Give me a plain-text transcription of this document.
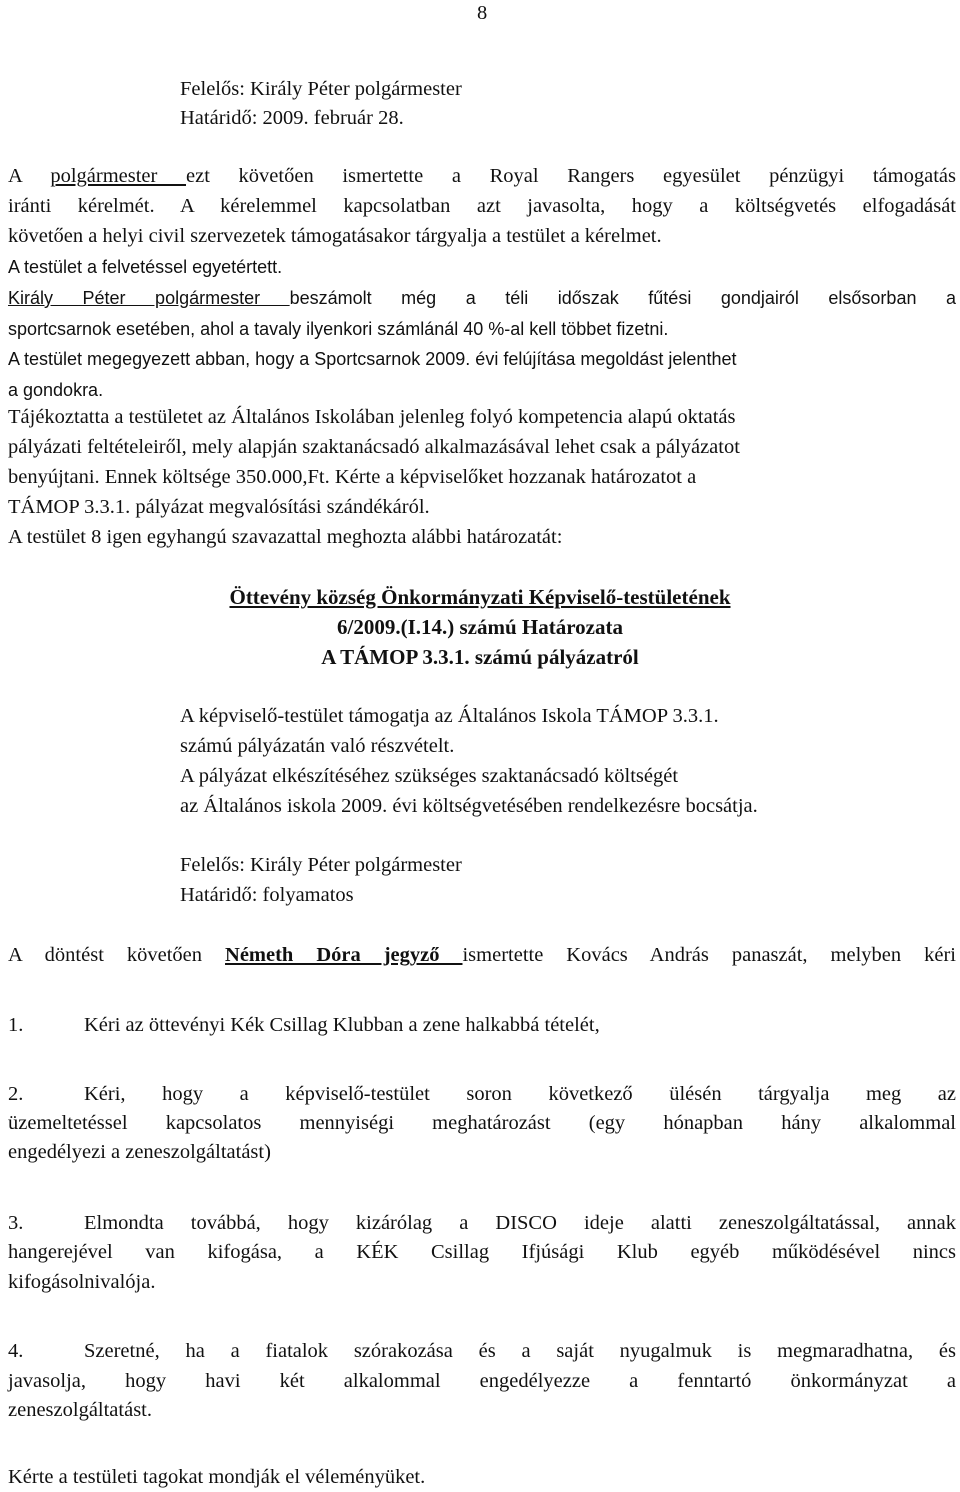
8
Felelős: Király Péter polgármester
Határidő: 2009. február 28.
A polgármester ezt követően ismertette a Royal Rangers egyesület pénzügyi támogatás
iránti kérelmét. A kérelemmel kapcsolatban azt javasolta, hogy a költségvetés elfogadását
követően a helyi civil szervezetek támogatásakor tárgyalja a testület a kérelmet.
A testület a felvetéssel egyetértett.
Király Péter polgármester beszámolt még a téli időszak fűtési gondjairól elsősorban a
sportcsarnok esetében, ahol a tavaly ilyenkori számlánál 40 %-al kell többet fizetni.
A testület megegyezett abban, hogy a Sportcsarnok 2009. évi felújítása megoldást jelenthet
a gondokra.
Tájékoztatta a testületet az Általános Iskolában jelenleg folyó kompetencia alapú oktatás
pályázati feltételeiről, mely alapján szaktanácsadó alkalmazásával lehet csak a pályázatot
benyújtani. Ennek költsége 350.000,Ft. Kérte a képviselőket hozzanak határozatot a
TÁMOP 3.3.1. pályázat megvalósítási szándékáról.
A testület 8 igen egyhangú szavazattal meghozta alábbi határozatát:
Öttevény község Önkormányzati Képviselő-testületének
6/2009.(I.14.) számú Határozata
A TÁMOP 3.3.1. számú pályázatról
A képviselő-testület támogatja az Általános Iskola TÁMOP 3.3.1.
számú pályázatán való részvételt.
A pályázat elkészítéséhez szükséges szaktanácsadó költségét
az Általános iskola 2009. évi költségvetésében rendelkezésre bocsátja.
Felelős: Király Péter polgármester
Határidő: folyamatos
A döntést követően Németh Dóra jegyző ismertette Kovács András panaszát, melyben kéri
1.	Kéri az öttevényi Kék Csillag Klubban a zene halkabbá tételét,
2.	Kéri, hogy a képviselő-testület soron következő ülésén tárgyalja meg az
üzemeltetéssel kapcsolatos mennyiségi meghatározást (egy hónapban hány alkalommal
engedélyezi a zeneszolgáltatást)
3.	Elmondta továbbá, hogy kizárólag a DISCO ideje alatti zeneszolgáltatással, annak
hangerejével van kifogása, a KÉK Csillag Ifjúsági Klub egyéb működésével nincs
kifogásolnivalója.
4.	Szeretné, ha a fiatalok szórakozása és a saját nyugalmuk is megmaradhatna, és
javasolja, hogy havi két alkalommal engedélyezze a fenntartó önkormányzat a
zeneszolgáltatást.
Kérte a testületi tagokat mondják el véleményüket.
